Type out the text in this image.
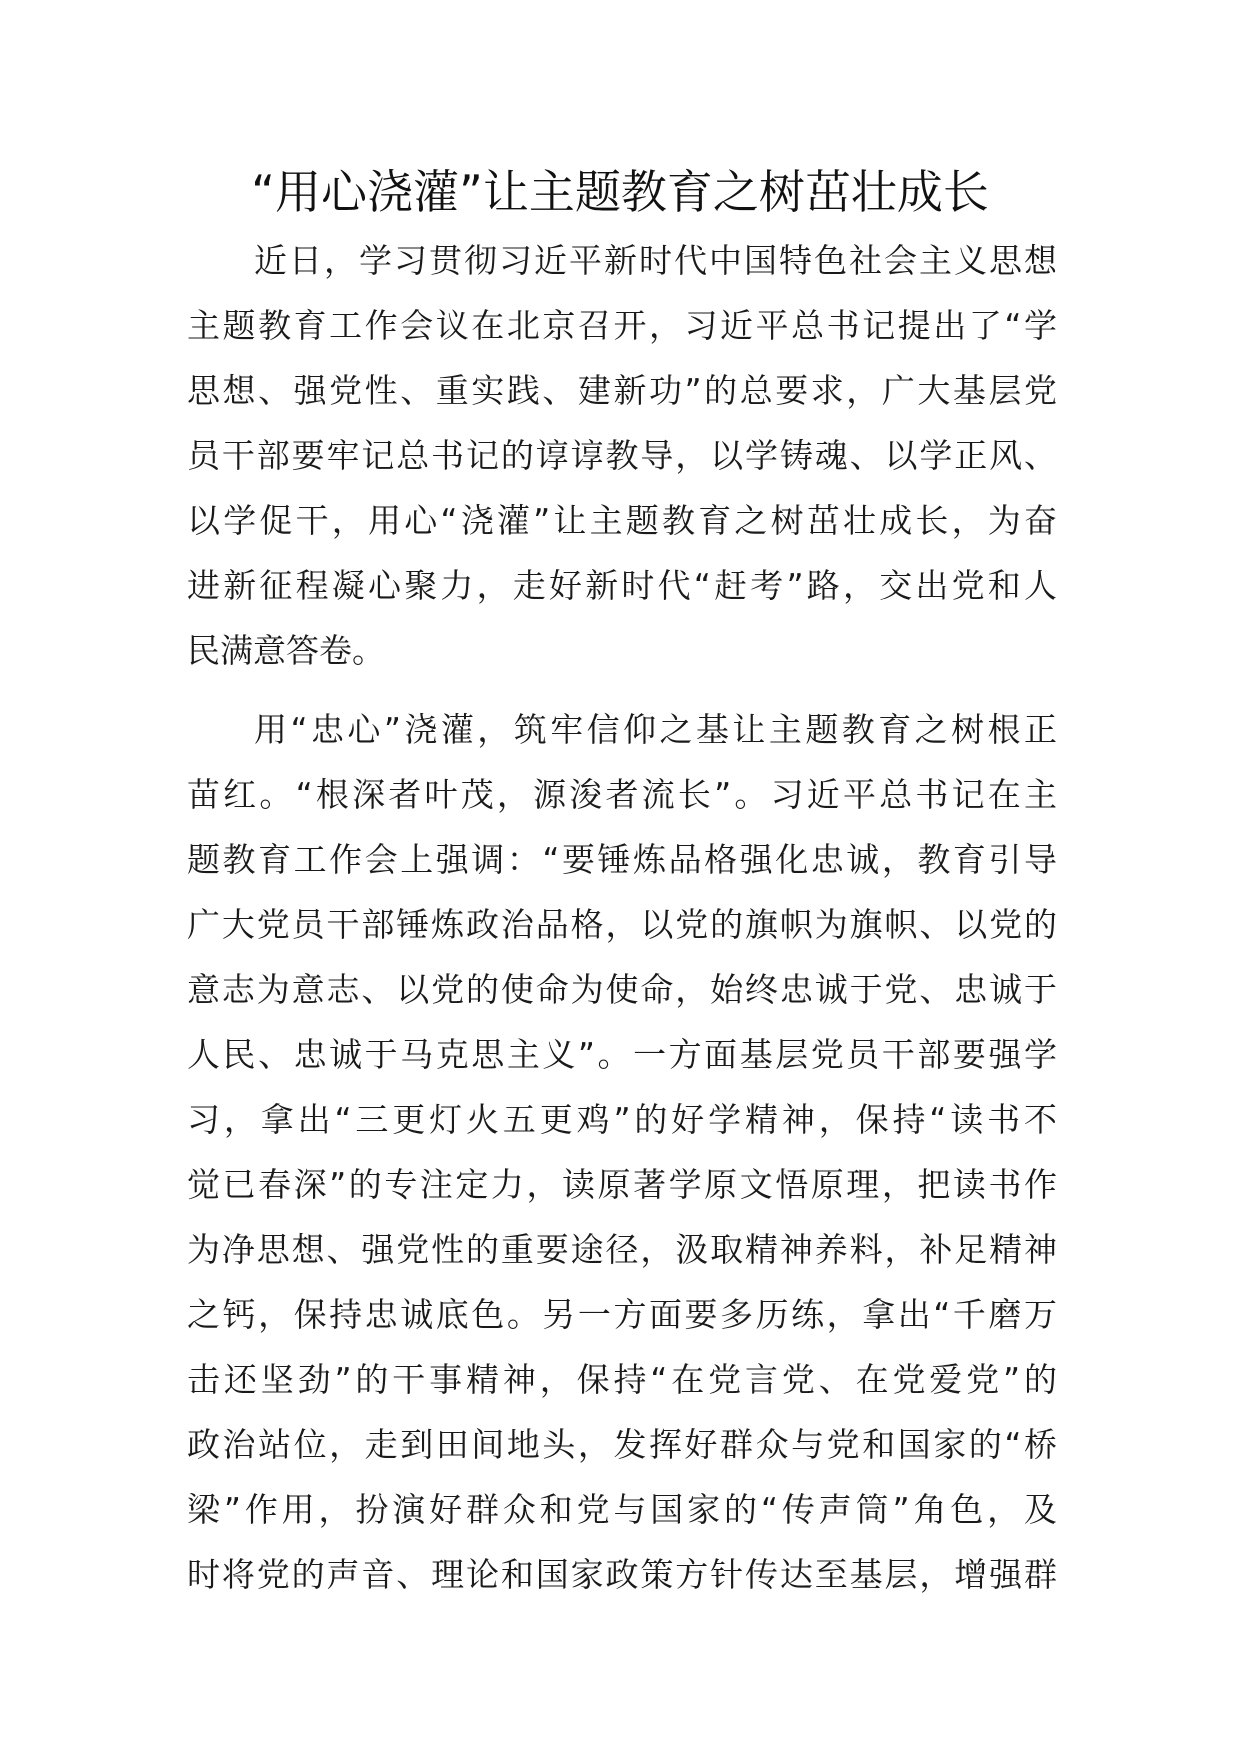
“用心浇灌”让主题教育之树茁壮成长
近日，学习贯彻习近平新时代中国特色社会主义思想
主题教育工作会议在北京召开，习近平总书记提出了“学
思想、强党性、重实践、建新功”的总要求，广大基层党
员干部要牢记总书记的谆谆教导，以学铸魂、以学正风、
以学促干，用心“浇灌”让主题教育之树茁壮成长，为奋
进新征程凝心聚力，走好新时代“赶考”路，交出党和人
民满意答卷。
用“忠心”浇灌，筑牢信仰之基让主题教育之树根正
苗红。“根深者叶茂，源浚者流长”。习近平总书记在主
题教育工作会上强调：“要锤炼品格强化忠诚，教育引导
广大党员干部锤炼政治品格，以党的旗帜为旗帜、以党的
意志为意志、以党的使命为使命，始终忠诚于党、忠诚于
人民、忠诚于马克思主义”。一方面基层党员干部要强学
习，拿出“三更灯火五更鸡”的好学精神，保持“读书不
觉已春深”的专注定力，读原著学原文悟原理，把读书作
为净思想、强党性的重要途径，汲取精神养料，补足精神
之钙，保持忠诚底色。另一方面要多历练，拿出“千磨万
击还坚劲”的干事精神，保持“在党言党、在党爱党”的
政治站位，走到田间地头，发挥好群众与党和国家的“桥
梁”作用，扮演好群众和党与国家的“传声筒”角色，及
时将党的声音、理论和国家政策方针传达至基层，增强群
